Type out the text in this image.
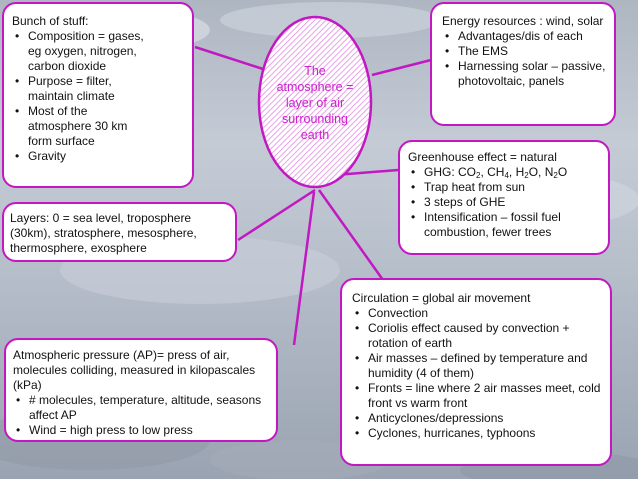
The
atmosphere =
layer of air
surrounding
earth
Bunch of stuff:
• Composition = gases, eg oxygen, nitrogen, carbon dioxide
• Purpose = filter, maintain climate
• Most of the atmosphere 30 km form surface
• Gravity
Energy resources : wind, solar
• Advantages/dis of each
• The EMS
• Harnessing solar – passive, photovoltaic, panels
Greenhouse effect = natural
• GHG: $CO_2$, $CH_4$, $H_2O$, $N_2O$
• Trap heat from sun
• 3 steps of GHE
• Intensification – fossil fuel combustion, fewer trees
Layers: 0 = sea level, troposphere (30km), stratosphere, mesosphere, thermosphere, exosphere
Atmospheric pressure (AP)= press of air, molecules colliding, measured in kilopascales (kPa)
• # molecules, temperature, altitude, seasons affect AP
• Wind = high press to low press
Circulation = global air movement
• Convection
• Coriolis effect caused by convection + rotation of earth
• Air masses – defined by temperature and humidity (4 of them)
• Fronts = line where 2 air masses meet, cold front vs warm front
• Anticyclones/depressions
• Cyclones, hurricanes, typhoons
